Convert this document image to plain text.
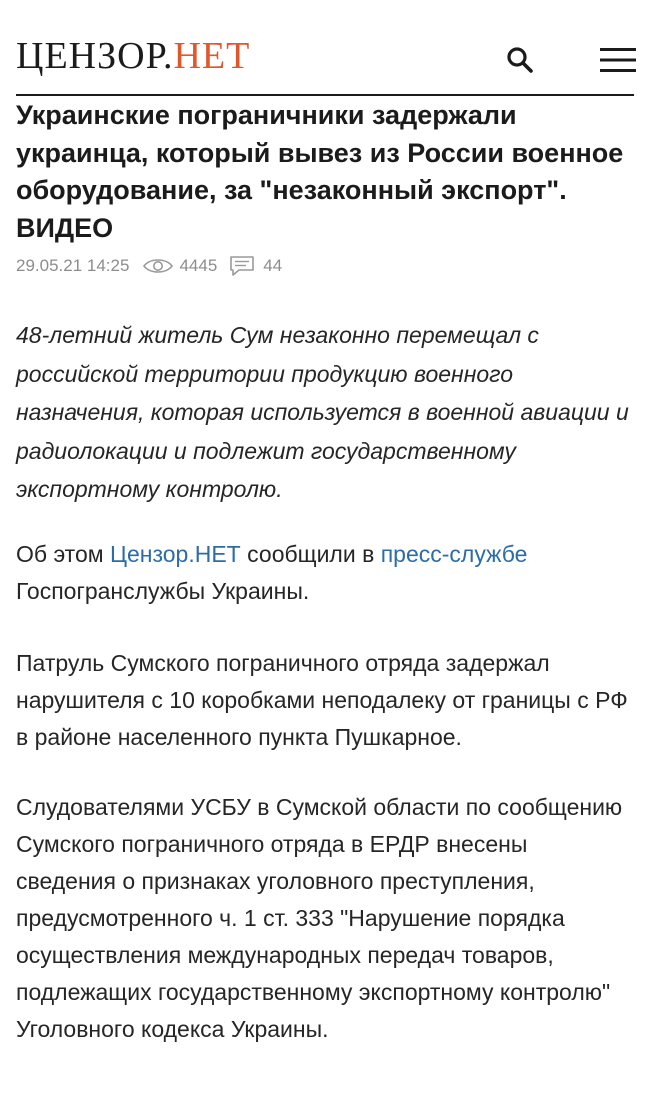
ЦЕНЗОР.НЕТ
Украинские пограничники задержали украинца, который вывез из России военное оборудование, за "незаконный экспорт". ВИДЕО
29.05.21 14:25	4445	44

48-летний житель Сум незаконно перемещал с российской территории продукцию военного назначения, которая используется в военной авиации и радиолокации и подлежит государственному экспортному контролю.

Об этом Цензор.НЕТ сообщили в пресс-службе Госпогранслужбы Украины.

Патруль Сумского пограничного отряда задержал нарушителя с 10 коробками неподалеку от границы с РФ в районе населенного пункта Пушкарное.

Слудователями УСБУ в Сумской области по сообщению Сумского пограничного отряда в ЕРДР внесены сведения о признаках уголовного преступления, предусмотренного ч. 1 ст. 333 "Нарушение порядка осуществления международных передач товаров, подлежащих государственному экспортному контролю" Уголовного кодекса Украины.
